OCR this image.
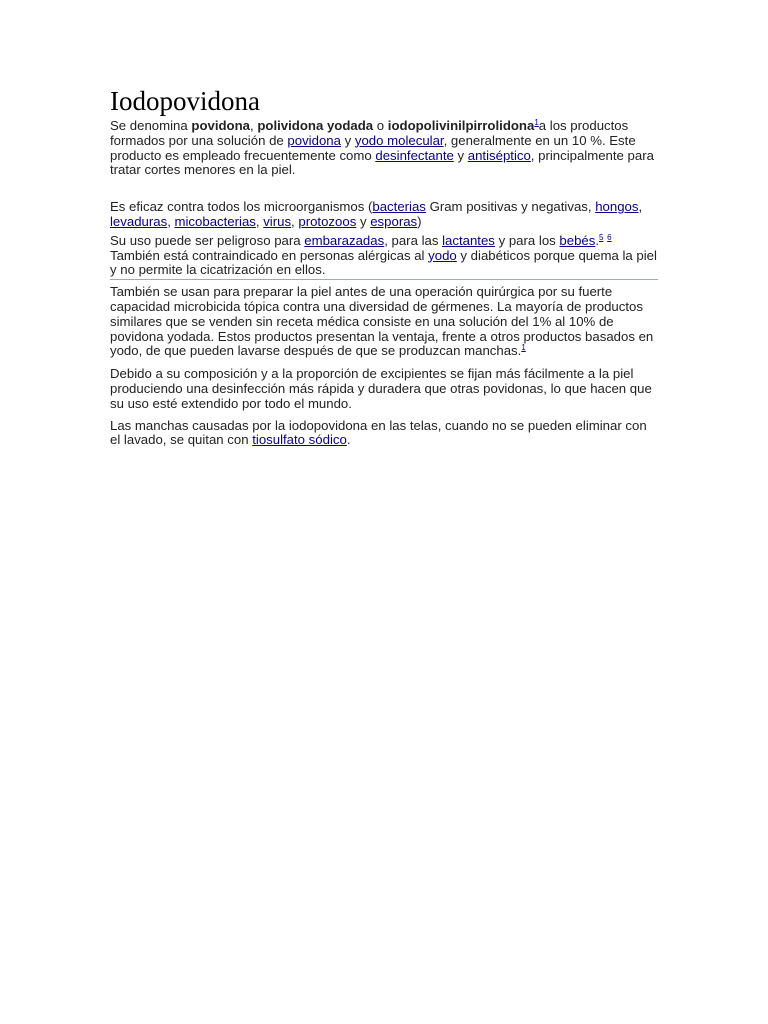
Iodopovidona

Se denomina povidona, polividona yodada o iodopolivinilpirrolidona$^1$a los productos formados por una solución de povidona y yodo molecular, generalmente en un 10 %. Este producto es empleado frecuentemente como desinfectante y antiséptico, principalmente para tratar cortes menores en la piel.

Es eficaz contra todos los microorganismos (bacterias Gram positivas y negativas, hongos, levaduras, micobacterias, virus, protozoos y esporas)

Su uso puede ser peligroso para embarazadas, para las lactantes y para los bebés.$^5$ $^6$ También está contraindicado en personas alérgicas al yodo y diabéticos porque quema la piel y no permite la cicatrización en ellos.

También se usan para preparar la piel antes de una operación quirúrgica por su fuerte capacidad microbicida tópica contra una diversidad de gérmenes. La mayoría de productos similares que se venden sin receta médica consiste en una solución del 1% al 10% de povidona yodada. Estos productos presentan la ventaja, frente a otros productos basados en yodo, de que pueden lavarse después de que se produzcan manchas.$^1$

Debido a su composición y a la proporción de excipientes se fijan más fácilmente a la piel produciendo una desinfección más rápida y duradera que otras povidonas, lo que hacen que su uso esté extendido por todo el mundo.

Las manchas causadas por la iodopovidona en las telas, cuando no se pueden eliminar con el lavado, se quitan con tiosulfato sódico.
